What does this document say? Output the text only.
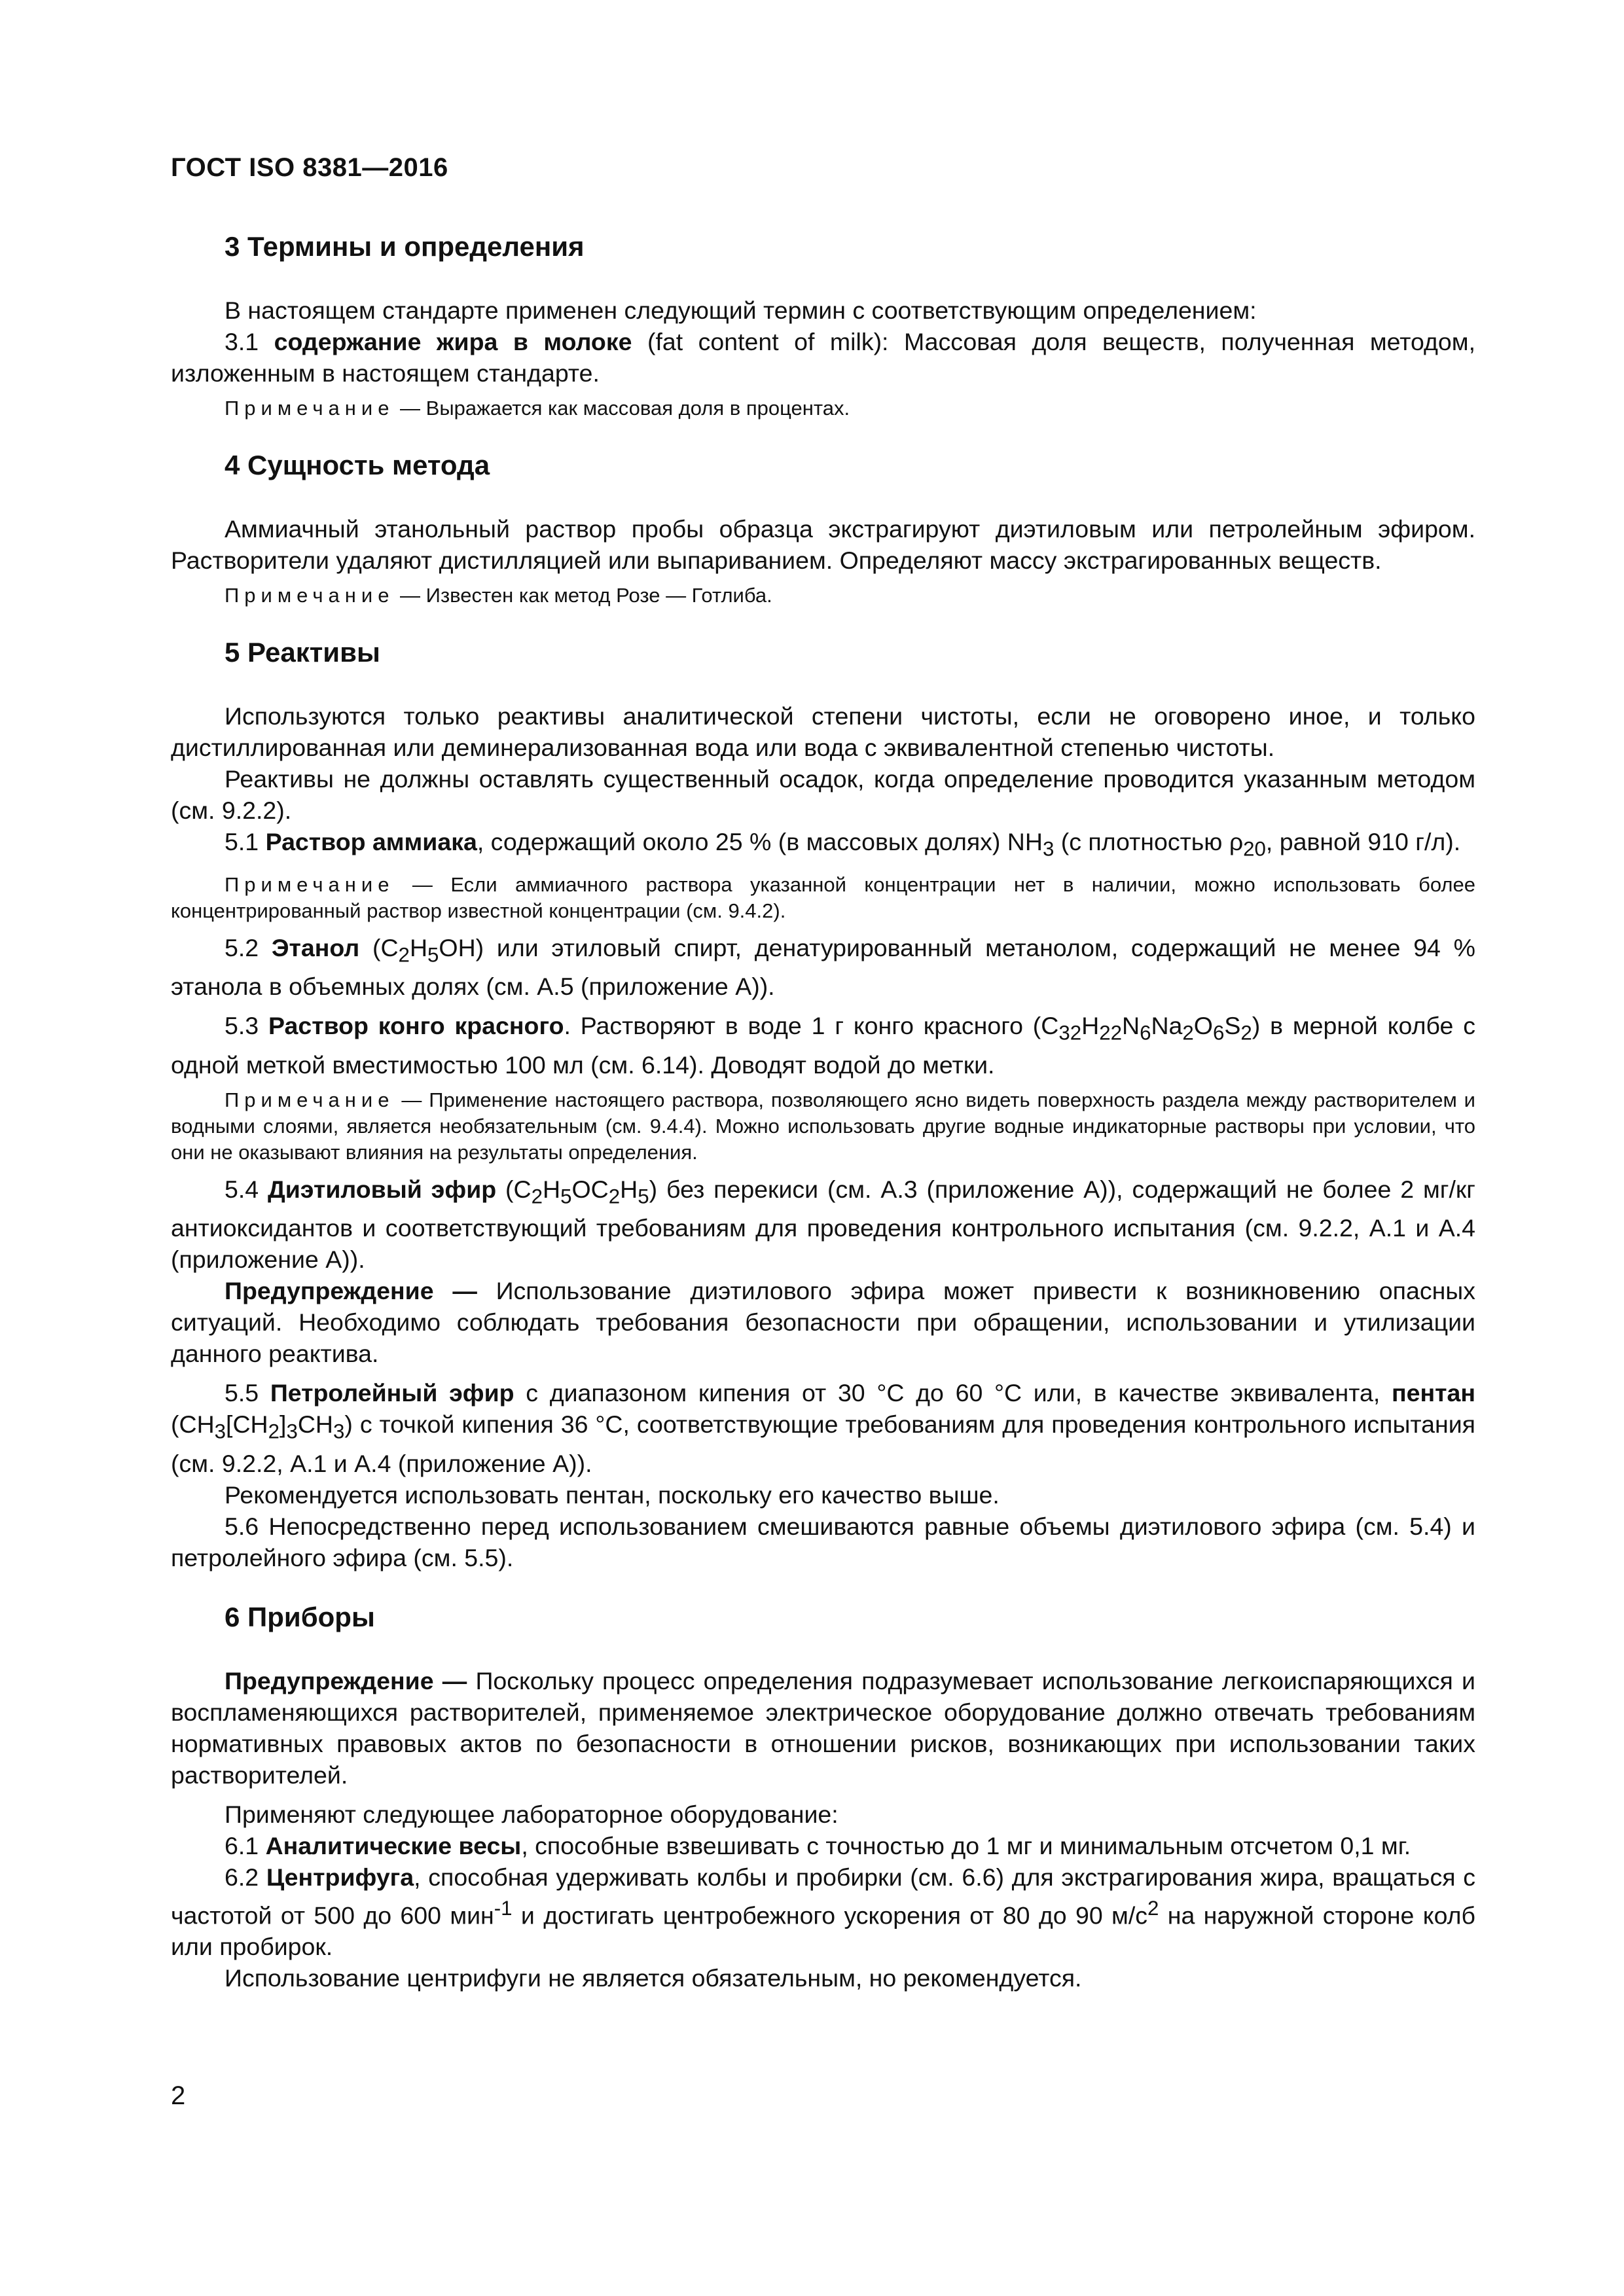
ГОСТ ISO 8381—2016
3 Термины и определения

В настоящем стандарте применен следующий термин с соответствующим определением:

3.1 содержание жира в молоке (fat content of milk): Массовая доля веществ, полученная методом, изложенным в настоящем стандарте.

Примечание — Выражается как массовая доля в процентах.
4 Сущность метода

Аммиачный этанольный раствор пробы образца экстрагируют диэтиловым или петролейным эфиром. Растворители удаляют дистилляцией или выпариванием. Определяют массу экстрагированных веществ.

Примечание — Известен как метод Розе — Готлиба.
5 Реактивы

Используются только реактивы аналитической степени чистоты, если не оговорено иное, и только дистиллированная или деминерализованная вода или вода с эквивалентной степенью чистоты.

Реактивы не должны оставлять существенный осадок, когда определение проводится указанным методом (см. 9.2.2).

5.1 Раствор аммиака, содержащий около 25 % (в массовых долях) $NH_3$ (с плотностью $\rho_{20}$, равной 910 г/л).

Примечание — Если аммиачного раствора указанной концентрации нет в наличии, можно использовать более концентрированный раствор известной концентрации (см. 9.4.2).

5.2 Этанол $(C_2H_5OH)$ или этиловый спирт, денатурированный метанолом, содержащий не менее 94 % этанола в объемных долях (см. А.5 (приложение А)).

5.3 Раствор конго красного. Растворяют в воде 1 г конго красного $(C_{32}H_{22}N_6Na_2O_6S_2)$ в мерной колбе с одной меткой вместимостью 100 мл (см. 6.14). Доводят водой до метки.

Примечание — Применение настоящего раствора, позволяющего ясно видеть поверхность раздела между растворителем и водными слоями, является необязательным (см. 9.4.4). Можно использовать другие водные индикаторные растворы при условии, что они не оказывают влияния на результаты определения.

5.4 Диэтиловый эфир $(C_2H_5OC_2H_5)$ без перекиси (см. А.3 (приложение А)), содержащий не более 2 мг/кг антиоксидантов и соответствующий требованиям для проведения контрольного испытания (см. 9.2.2, А.1 и А.4 (приложение А)).

Предупреждение — Использование диэтилового эфира может привести к возникновению опасных ситуаций. Необходимо соблюдать требования безопасности при обращении, использовании и утилизации данного реактива.

5.5 Петролейный эфир с диапазоном кипения от 30 °С до 60 °С или, в качестве эквивалента, пентан $(CH_3[CH_2]_3CH_3)$ с точкой кипения 36 °С, соответствующие требованиям для проведения контрольного испытания (см. 9.2.2, А.1 и А.4 (приложение А)).

Рекомендуется использовать пентан, поскольку его качество выше.

5.6 Непосредственно перед использованием смешиваются равные объемы диэтилового эфира (см. 5.4) и петролейного эфира (см. 5.5).

6 Приборы

Предупреждение — Поскольку процесс определения подразумевает использование легкоиспаряющихся и воспламеняющихся растворителей, применяемое электрическое оборудование должно отвечать требованиям нормативных правовых актов по безопасности в отношении рисков, возникающих при использовании таких растворителей.

Применяют следующее лабораторное оборудование:

6.1 Аналитические весы, способные взвешивать с точностью до 1 мг и минимальным отсчетом 0,1 мг.

6.2 Центрифуга, способная удерживать колбы и пробирки (см. 6.6) для экстрагирования жира, вращаться с частотой от 500 до 600 мин$^{-1}$ и достигать центробежного ускорения от 80 до 90 $м/с^2$ на наружной стороне колб или пробирок.

Использование центрифуги не является обязательным, но рекомендуется.

2
